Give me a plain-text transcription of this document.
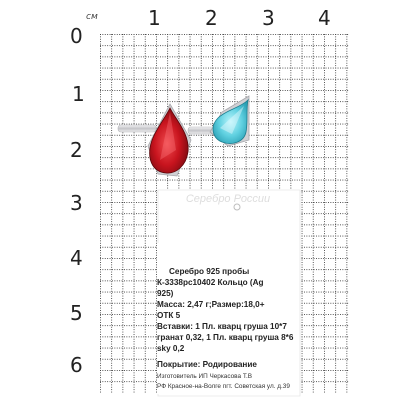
см	1 2 3 4
0
1
2
3
4
5
6
Серебро России
Серебро 925 пробы
К-3338рс10402 Кольцо (Ag
925)
Масса: 2,47 г;Размер:18,0+
ОТК 5
Вставки: 1 Пл. кварц груша 10*7
гранат 0,32, 1 Пл. кварц груша 8*6
sky 0,2
Покрытие: Родирование
Изготовитель ИП Черкасова Т.В
РФ Красное-на-Волге пгт. Советская ул. д.39
